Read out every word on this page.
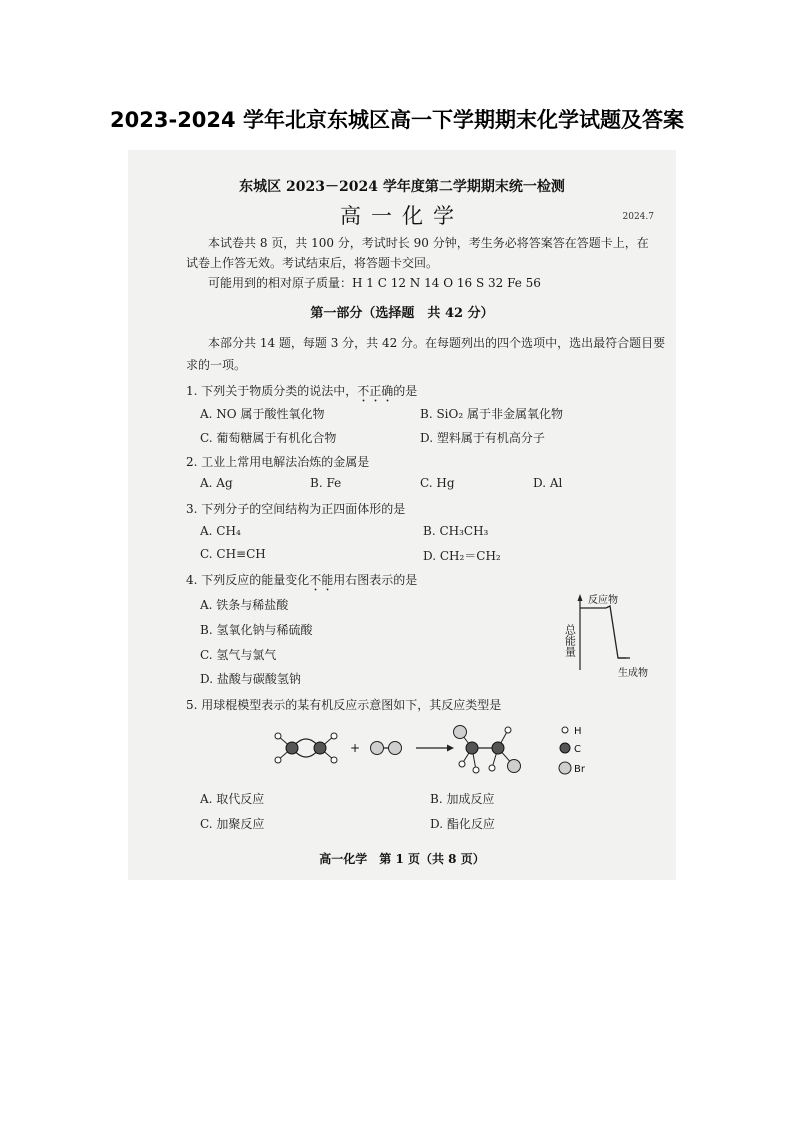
2023-2024 学年北京东城区高一下学期期末化学试题及答案
东城区 2023－2024 学年度第二学期期末统一检测
高一化学	2024.7
本试卷共 8 页，共 100 分，考试时长 90 分钟，考生务必将答案答在答题卡上，在
试卷上作答无效。考试结束后，将答题卡交回。
可能用到的相对原子质量：H 1 C 12 N 14 O 16 S 32 Fe 56
第一部分（选择题　共 42 分）
本部分共 14 题，每题 3 分，共 42 分。在每题列出的四个选项中，选出最符合题目要
求的一项。
1. 下列关于物质分类的说法中，不正确的是
A. NO 属于酸性氧化物	B. SiO₂ 属于非金属氧化物
C. 葡萄糖属于有机化合物	D. 塑料属于有机高分子
2. 工业上常用电解法冶炼的金属是
A. Ag	B. Fe	C. Hg	D. Al
3. 下列分子的空间结构为正四面体形的是
A. CH₄	B. CH₃CH₃
C. CH≡CH	D. CH₂＝CH₂
4. 下列反应的能量变化不能用右图表示的是
A. 铁条与稀盐酸
B. 氢氧化钠与稀硫酸
C. 氢气与氯气
D. 盐酸与碳酸氢钠
总能量
反应物
生成物
5. 用球棍模型表示的某有机反应示意图如下，其反应类型是
+
H
C
Br
A. 取代反应	B. 加成反应
C. 加聚反应	D. 酯化反应
高一化学　第 1 页（共 8 页）
